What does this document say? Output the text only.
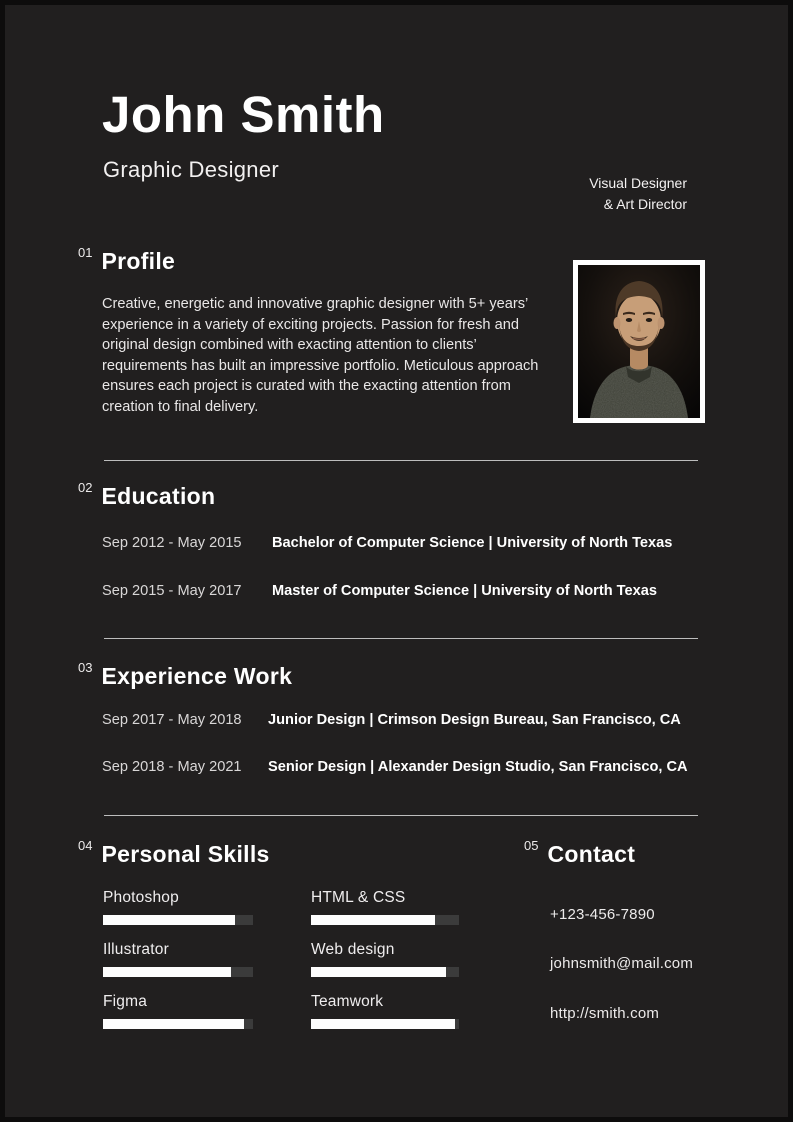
John Smith
Graphic Designer
Visual Designer
& Art Director
$^{01}$ Profile

Creative, energetic and innovative graphic designer with 5+ years’ experience in a variety of exciting projects. Passion for fresh and original design combined with exacting attention to clients’ requirements has built an impressive portfolio. Meticulous approach ensures each project is curated with the exacting attention from creation to final delivery.

$^{02}$ Education
Sep 2012 - May 2015	Bachelor of Computer Science | University of North Texas
Sep 2015 - May 2017	Master of Computer Science | University of North Texas
$^{03}$ Experience Work
Sep 2017 - May 2018	Junior Design | Crimson Design Bureau, San Francisco, CA
Sep 2018 - May 2021	Senior Design | Alexander Design Studio, San Francisco, CA
$^{04}$ Personal Skills
Photoshop	HTML & CSS
Illustrator	Web design
Figma	Teamwork
$^{05}$ Contact
+123-456-7890
johnsmith@mail.com
http://smith.com
